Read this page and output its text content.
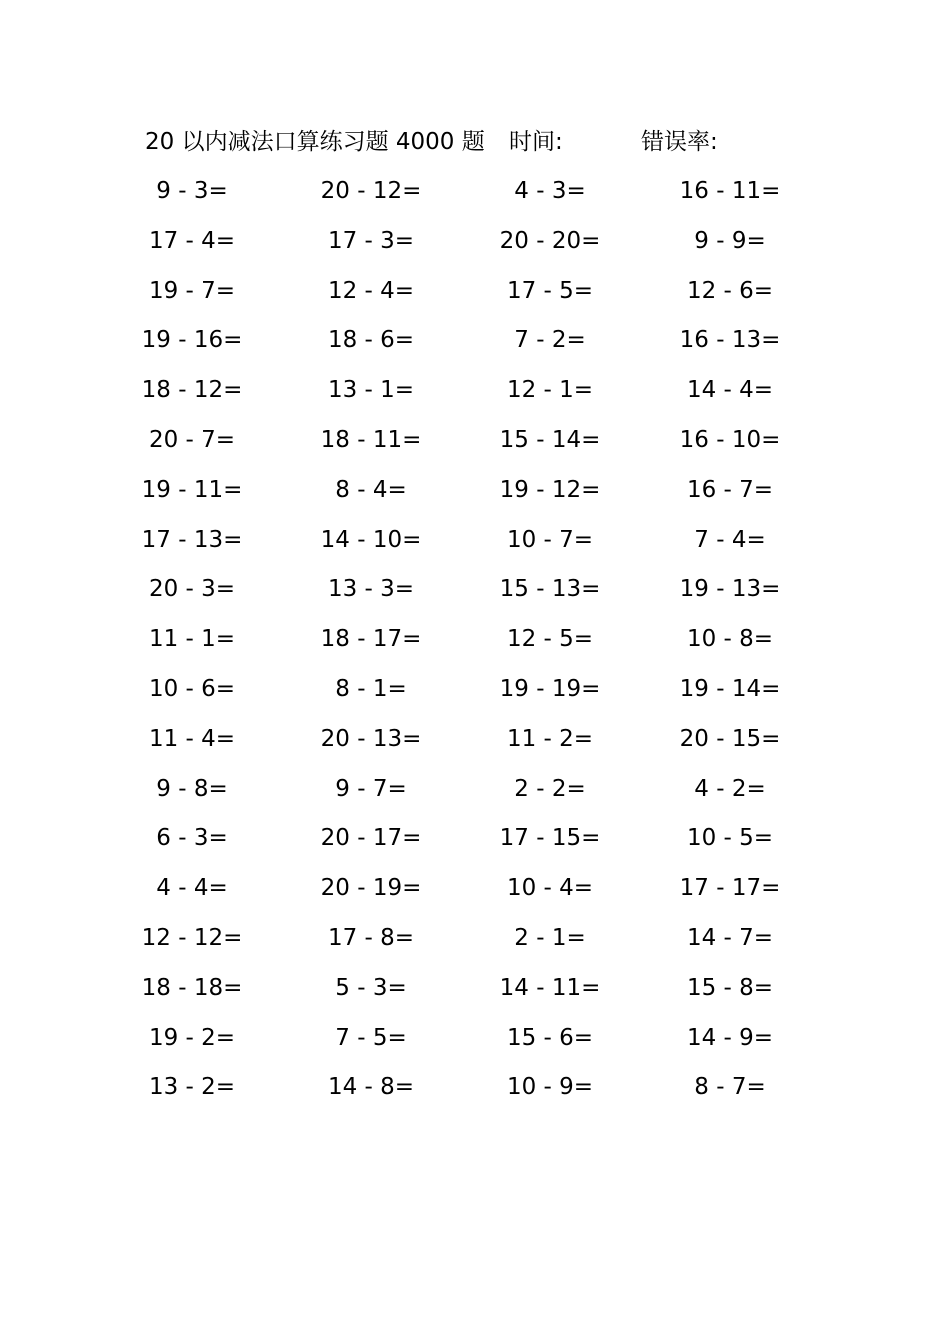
20 以内减法口算练习题 4000 题 时间:	错误率:
9 - 3=	20 - 12=	4 - 3=	16 - 11=
17 - 4=	17 - 3=	20 - 20=	9 - 9=
19 - 7=	12 - 4=	17 - 5=	12 - 6=
19 - 16=	18 - 6=	7 - 2=	16 - 13=
18 - 12=	13 - 1=	12 - 1=	14 - 4=
20 - 7=	18 - 11=	15 - 14=	16 - 10=
19 - 11=	8 - 4=	19 - 12=	16 - 7=
17 - 13=	14 - 10=	10 - 7=	7 - 4=
20 - 3=	13 - 3=	15 - 13=	19 - 13=
11 - 1=	18 - 17=	12 - 5=	10 - 8=
10 - 6=	8 - 1=	19 - 19=	19 - 14=
11 - 4=	20 - 13=	11 - 2=	20 - 15=
9 - 8=	9 - 7=	2 - 2=	4 - 2=
6 - 3=	20 - 17=	17 - 15=	10 - 5=
4 - 4=	20 - 19=	10 - 4=	17 - 17=
12 - 12=	17 - 8=	2 - 1=	14 - 7=
18 - 18=	5 - 3=	14 - 11=	15 - 8=
19 - 2=	7 - 5=	15 - 6=	14 - 9=
13 - 2=	14 - 8=	10 - 9=	8 - 7=
